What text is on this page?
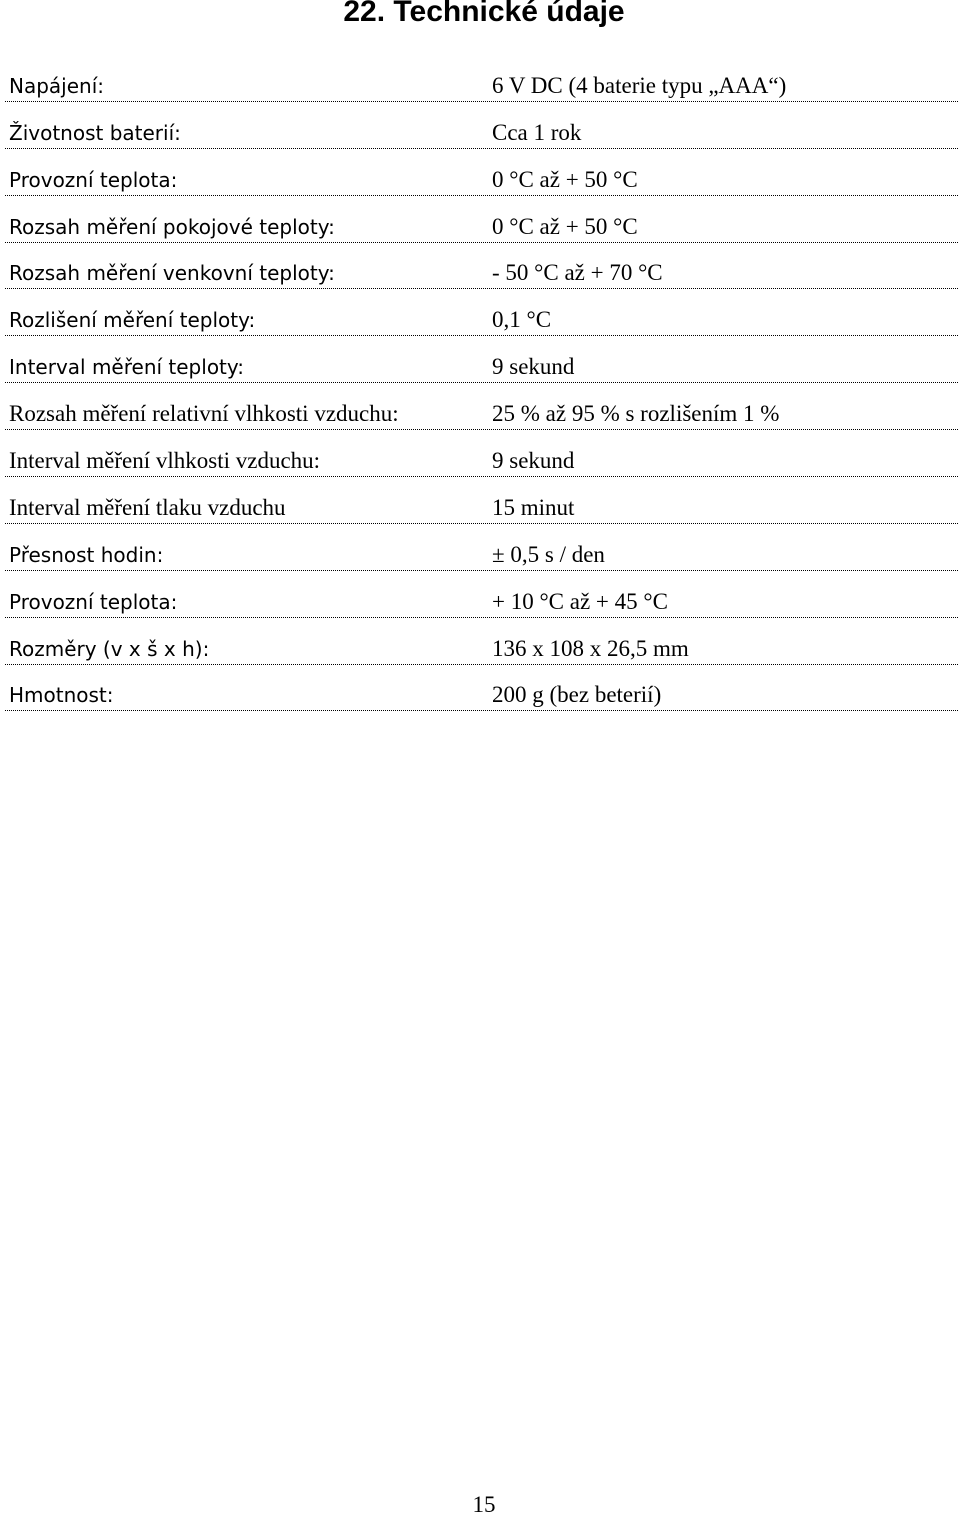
22. Technické údaje
Napájení:	6 V DC (4 baterie typu „AAA“)
Životnost baterií:	Cca 1 rok
Provozní teplota:	0 °C až + 50 °C
Rozsah měření pokojové teploty:	0 °C až + 50 °C
Rozsah měření venkovní teploty:	- 50 °C až + 70 °C
Rozlišení měření teploty:	0,1 °C
Interval měření teploty:	9 sekund
Rozsah měření relativní vlhkosti vzduchu:	25 % až 95 % s rozlišením 1 %
Interval měření vlhkosti vzduchu:	9 sekund
Interval měření tlaku vzduchu	15 minut
Přesnost hodin:	± 0,5 s / den
Provozní teplota:	+ 10 °C až + 45 °C
Rozměry (v x š x h):	136 x 108 x 26,5 mm
Hmotnost:	200 g (bez beterií)
15
